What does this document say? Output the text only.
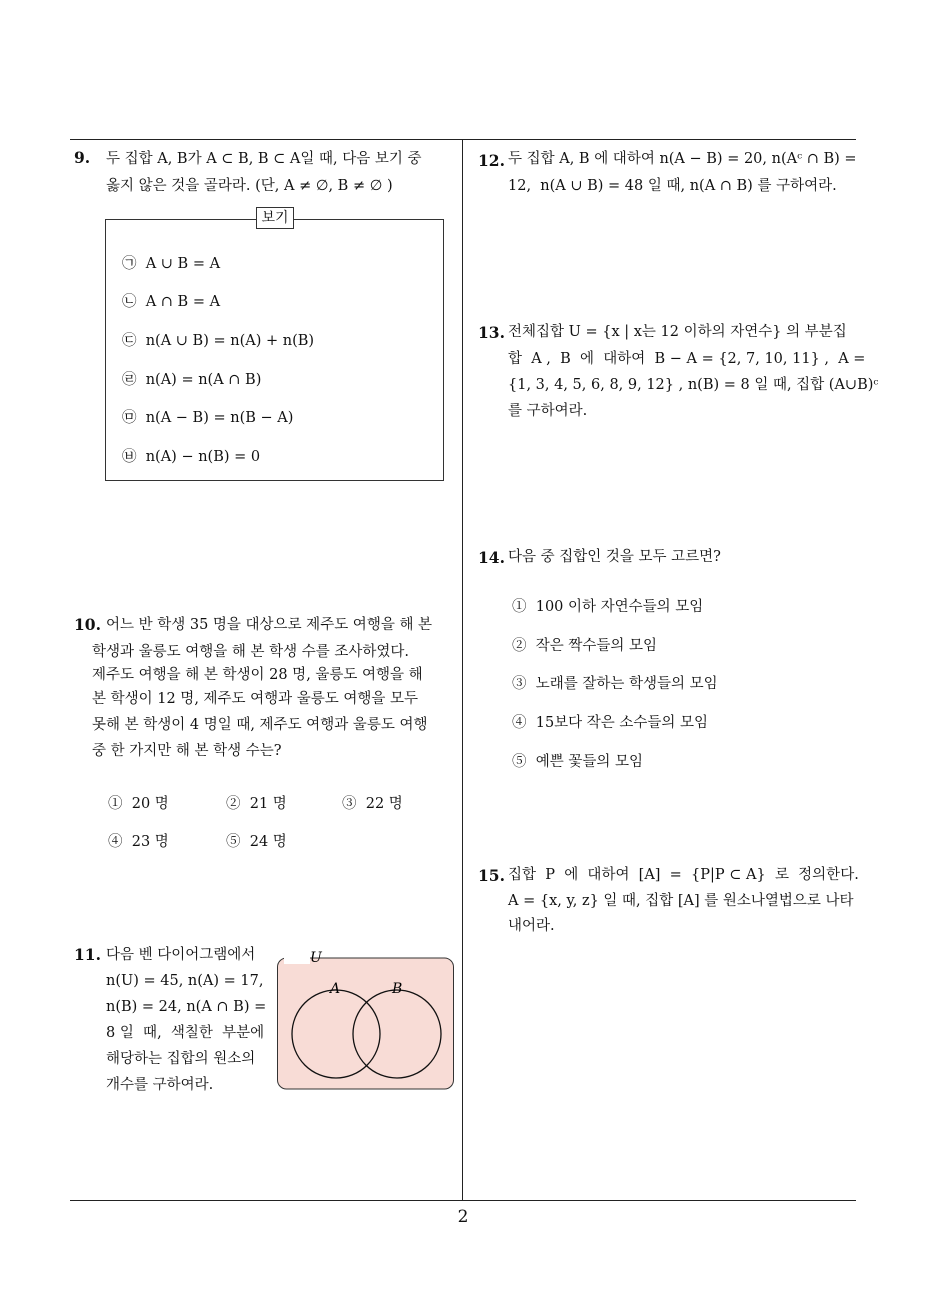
9. 두 집합 A, B가 A ⊂ B, B ⊂ A일 때, 다음 보기 중
옳지 않은 것을 골라라. (단, A ≠ ∅, B ≠ ∅ )
보기
㉠  A ∪ B = A
㉡  A ∩ B = A
㉢  n(A ∪ B) = n(A) + n(B)
㉣  n(A) = n(A ∩ B)
㉤  n(A − B) = n(B − A)
㉥  n(A) − n(B) = 0
10. 어느 반 학생 35 명을 대상으로 제주도 여행을 해 본
학생과 울릉도 여행을 해 본 학생 수를 조사하였다.
제주도 여행을 해 본 학생이 28 명, 울릉도 여행을 해
본 학생이 12 명, 제주도 여행과 울릉도 여행을 모두
못해 본 학생이 4 명일 때, 제주도 여행과 울릉도 여행
중 한 가지만 해 본 학생 수는?
①  20 명	②  21 명	③  22 명
④  23 명	⑤  24 명
11. 다음 벤 다이어그램에서
n(U) = 45, n(A) = 17,
n(B) = 24, n(A ∩ B) =
8 일  때,  색칠한  부분에
해당하는 집합의 원소의
개수를 구하여라.
U
A	B
12. 두 집합 A, B 에 대하여 n(A − B) = 20, n(Aᶜ ∩ B) =
12,  n(A ∪ B) = 48 일 때, n(A ∩ B) 를 구하여라.
13. 전체집합 U = {x | x는 12 이하의 자연수} 의 부분집
합  A ,  B  에  대하여  B − A = {2, 7, 10, 11} ,  A =
{1, 3, 4, 5, 6, 8, 9, 12} , n(B) = 8 일 때, 집합 (A∪B)ᶜ
를 구하여라.
14. 다음 중 집합인 것을 모두 고르면?
①  100 이하 자연수들의 모임
②  작은 짝수들의 모임
③  노래를 잘하는 학생들의 모임
④  15보다 작은 소수들의 모임
⑤  예쁜 꽃들의 모임
15. 집합  P  에  대하여  [A]  =  {P|P ⊂ A}  로  정의한다.
A = {x, y, z} 일 때, 집합 [A] 를 원소나열법으로 나타
내어라.
2
